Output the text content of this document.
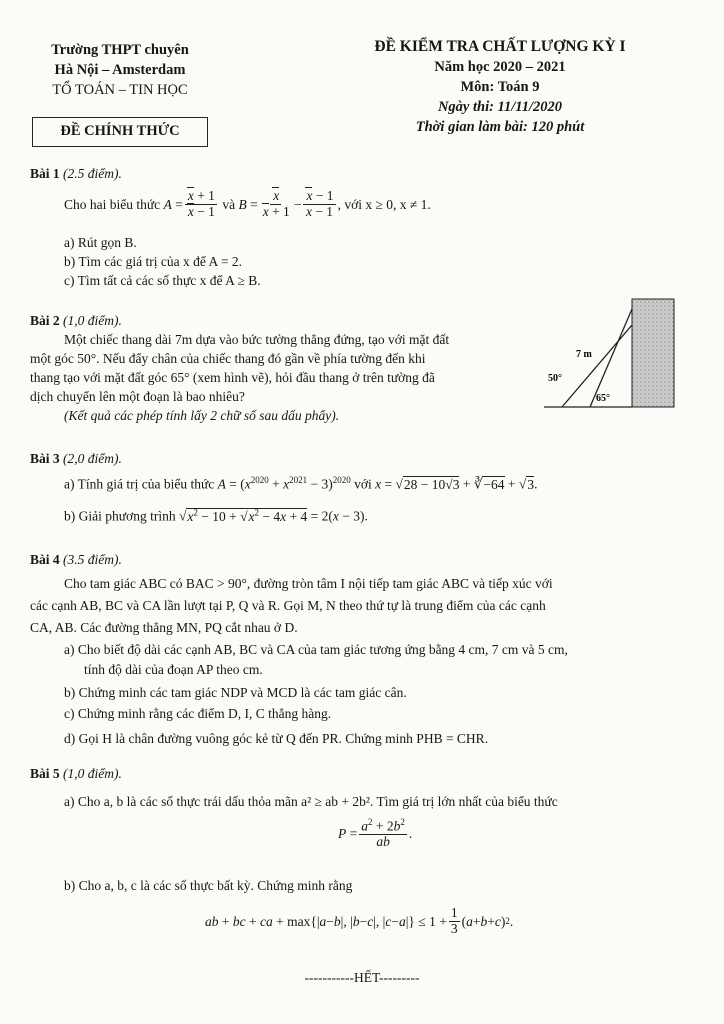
Trường THPT chuyên
Hà Nội – Amsterdam
TỔ TOÁN – TIN HỌC
ĐỀ CHÍNH THỨC
ĐỀ KIỂM TRA CHẤT LƯỢNG KỲ I
Năm học 2020 – 2021
Môn: Toán 9
Ngày thi: 11/11/2020
Thời gian làm bài: 120 phút
Bài 1 (2.5 điểm).
Cho hai biểu thức
$A = \frac{x + 1}{x - 1}$
và
$B = \frac{x}{x + 1} - \frac{x - 1}{x - 1}$ , với x ≥ 0, x ≠ 1.
a) Rút gọn B.
b) Tìm các giá trị của x để A = 2.
c) Tìm tất cả các số thực x để A ≥ B.
Bài 2 (1,0 điểm).
Một chiếc thang dài 7m dựa vào bức tường thẳng đứng, tạo với mặt đất
một góc 50°. Nếu đẩy chân của chiếc thang đó gần về phía tường đến khi
thang tạo với mặt đất góc 65° (xem hình vẽ), hỏi đầu thang ở trên tường đã
dịch chuyển lên một đoạn là bao nhiêu?
(Kết quả các phép tính lấy 2 chữ số sau dấu phẩy).
7 m
50°
65°
Bài 3 (2,0 điểm).
a) Tính giá trị của biểu thức $A = (x^{2020} + x^{2021} - 3)^{2020}$ với x = √28 − 10√3 + ∛−64 + √3.
b) Giải phương trình $√x^2 - 10 + √x^2 - 4x + 4 = 2(x - 3)$.
Bài 4 (3.5 điểm).
Cho tam giác ABC có BAC > 90°, đường tròn tâm I nội tiếp tam giác ABC và tiếp xúc với
các cạnh AB, BC và CA lần lượt tại P, Q và R. Gọi M, N theo thứ tự là trung điểm của các cạnh
CA, AB. Các đường thẳng MN, PQ cắt nhau ở D.
a) Cho biết độ dài các cạnh AB, BC và CA của tam giác tương ứng bằng 4 cm, 7 cm và 5 cm,
tính độ dài của đoạn AP theo cm.
b) Chứng minh các tam giác NDP và MCD là các tam giác cân.
c) Chứng minh rằng các điểm D, I, C thẳng hàng.
d) Gọi H là chân đường vuông góc kẻ từ Q đến PR. Chứng minh PHB = CHR.
Bài 5 (1,0 điểm).
a) Cho a, b là các số thực trái dấu thỏa mãn a² ≥ ab + 2b². Tìm giá trị lớn nhất của biểu thức
$P = \frac{a^2 + 2b^2}{ab}$ .
b) Cho a, b, c là các số thực bất kỳ. Chứng minh rằng
ab + bc + ca + max{| a − b |, | b − c |, | c − a |} ≤ $1 + \frac{1}{3}$ ( a + b + c ) 2 .
-----------HẾT---------
